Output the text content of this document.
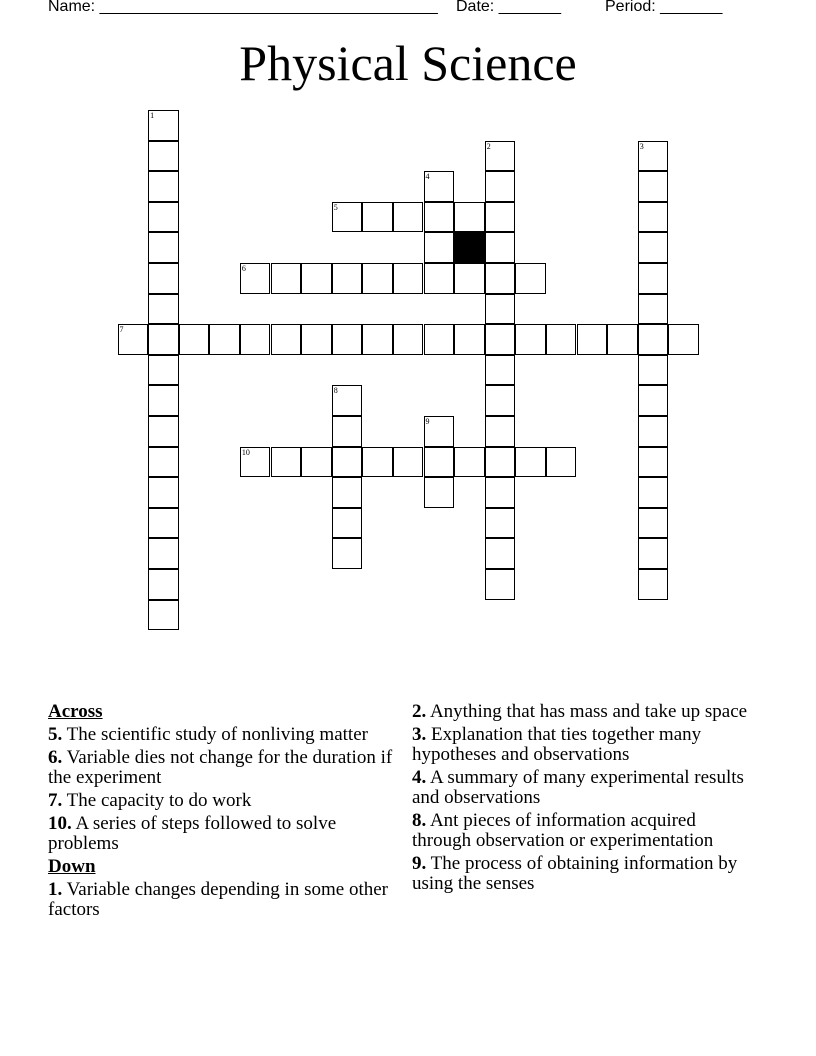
Name: ______________________________________ Date: _______	Period: _______
Physical Science
1
2	3
4
5
6
7
8
9
10
Across
5. The scientific study of nonliving matter
6. Variable dies not change for the duration if the experiment
7. The capacity to do work
10. A series of steps followed to solve problems
Down
1. Variable changes depending in some other factors
2. Anything that has mass and take up space
3. Explanation that ties together many hypotheses and observations
4. A summary of many experimental results and observations
8. Ant pieces of information acquired through observation or experimentation
9. The process of obtaining information by using the senses
